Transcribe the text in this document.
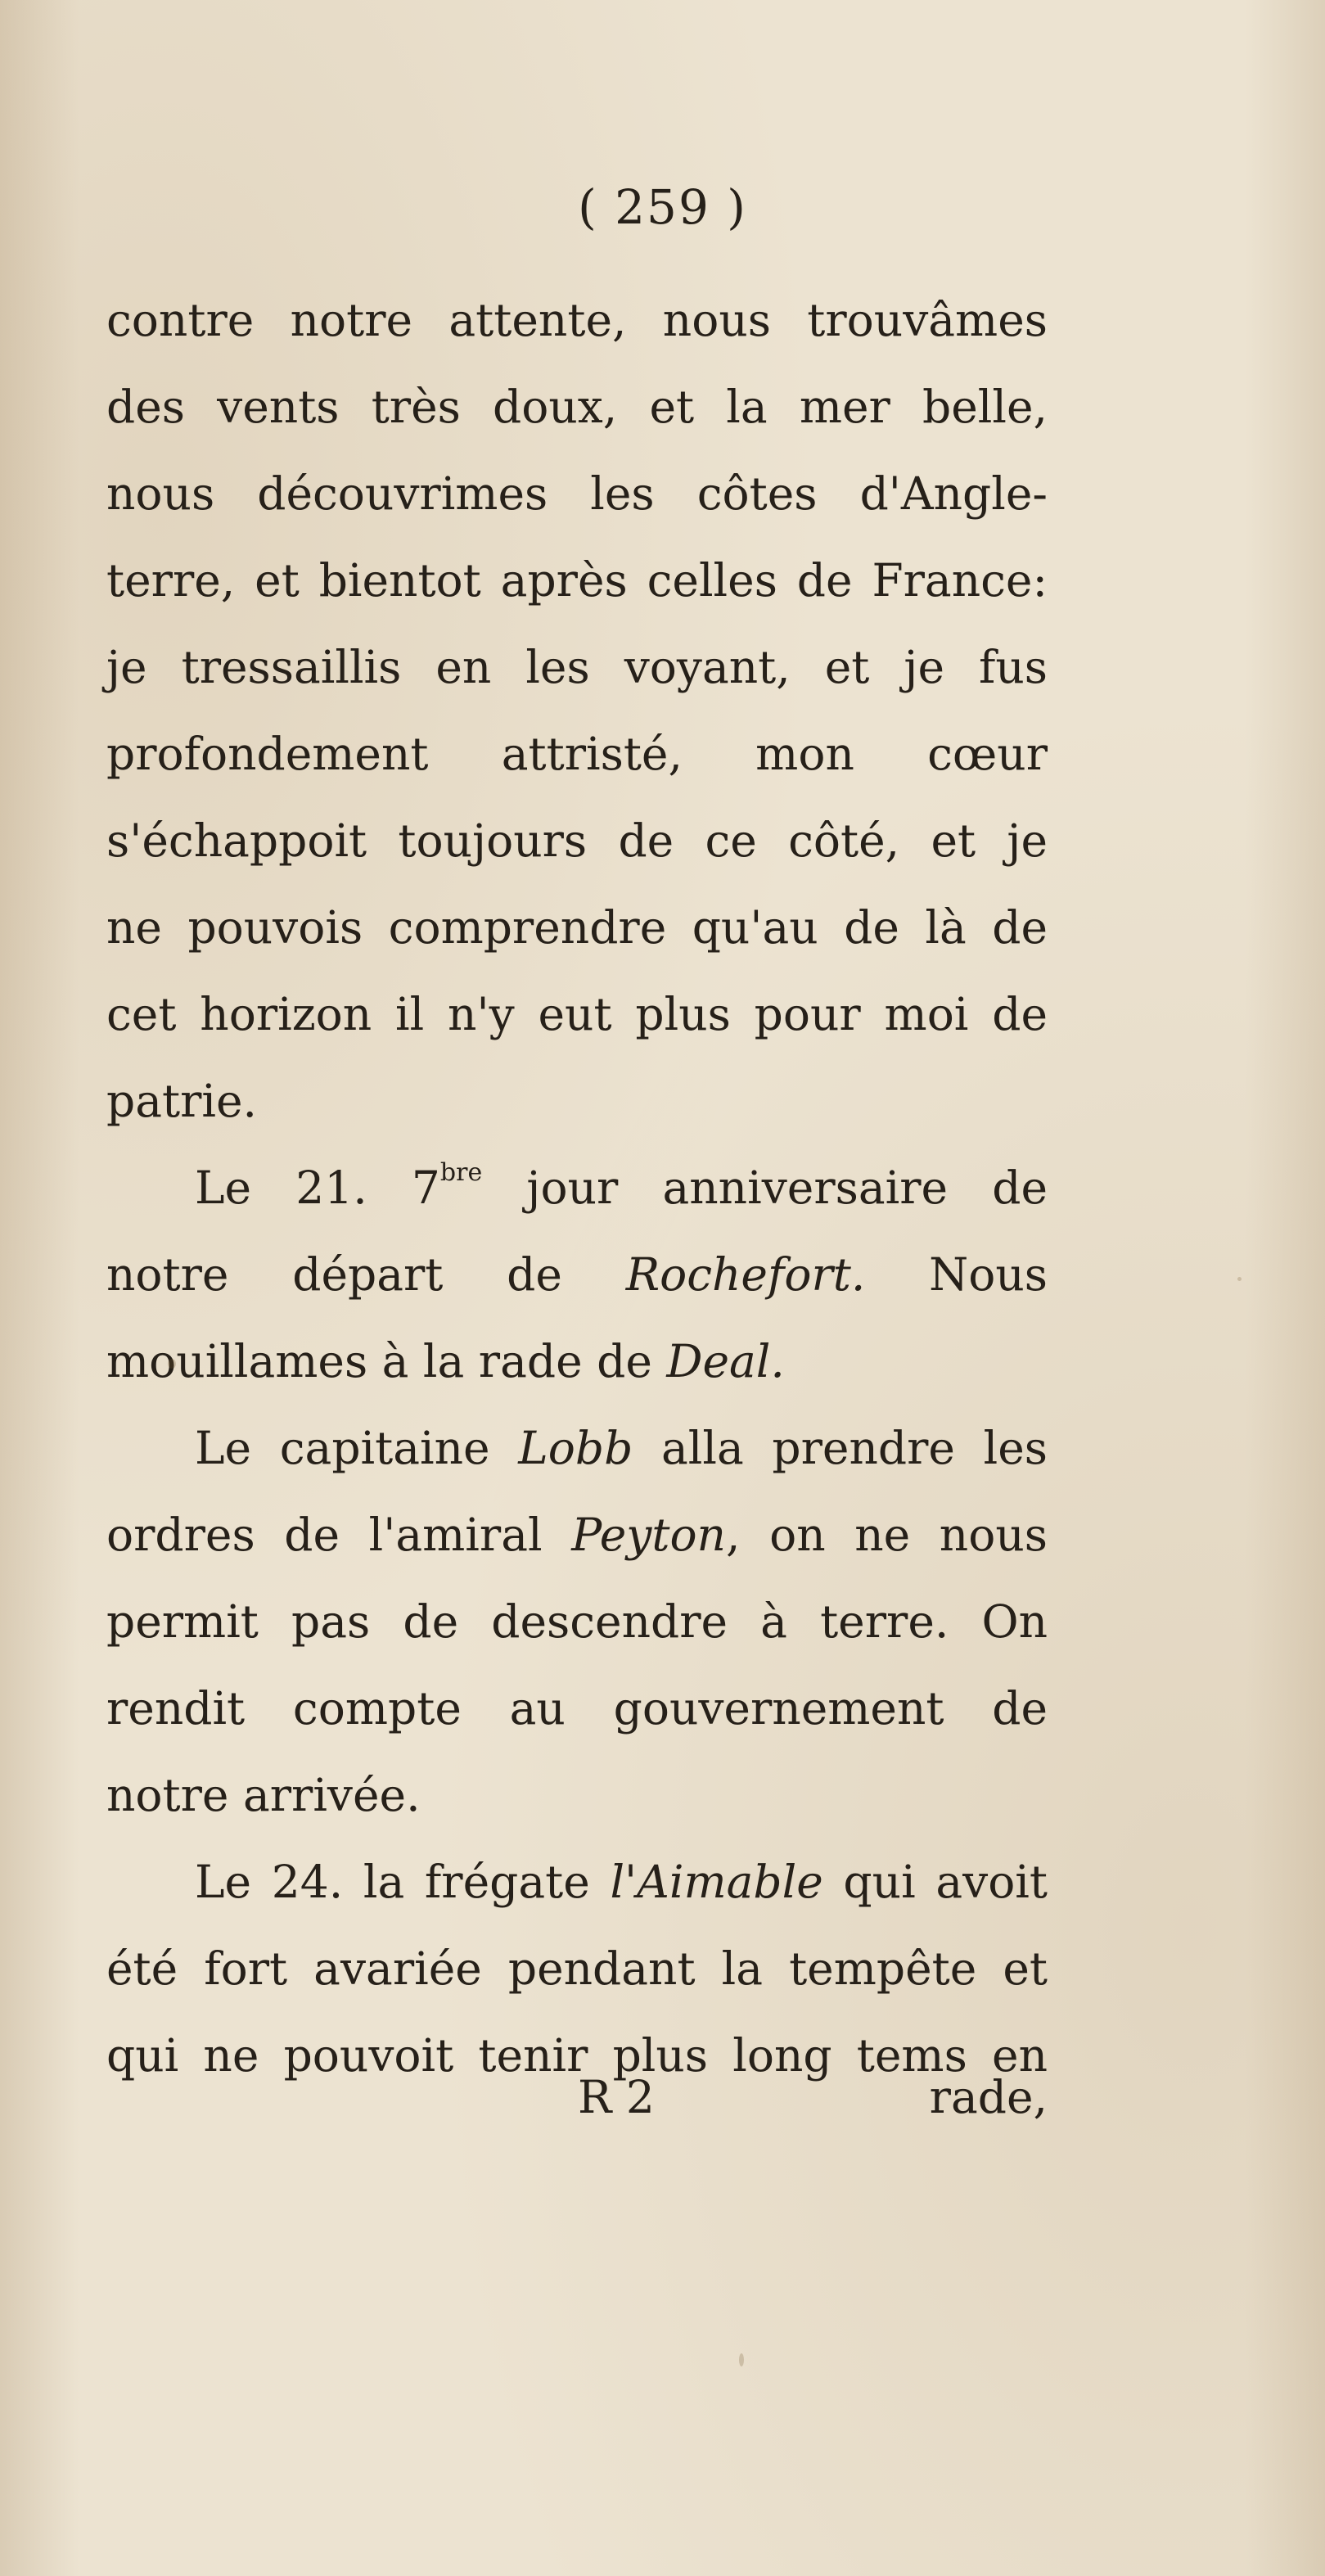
( 259 )
contre notre attente, nous trouvâmes
des vents très doux, et la mer belle,
nous découvrimes les côtes d'Angle-
terre, et bientot après celles de France:
je tressaillis en les voyant, et je fus
profondement attristé, mon cœur
s'échappoit toujours de ce côté, et je
ne pouvois comprendre qu'au de là de
cet horizon il n'y eut plus pour moi de
patrie.
Le 21. $7^{bre}$ jour anniversaire de
notre départ de Rochefort. Nous
mouillames à la rade de Deal.
Le capitaine Lobb alla prendre les
ordres de l'amiral Peyton, on ne nous
permit pas de descendre à terre. On
rendit compte au gouvernement de
notre arrivée.
Le 24. la frégate l'Aimable qui avoit
été fort avariée pendant la tempête et
qui ne pouvoit tenir plus long tems en
R 2	rade,
